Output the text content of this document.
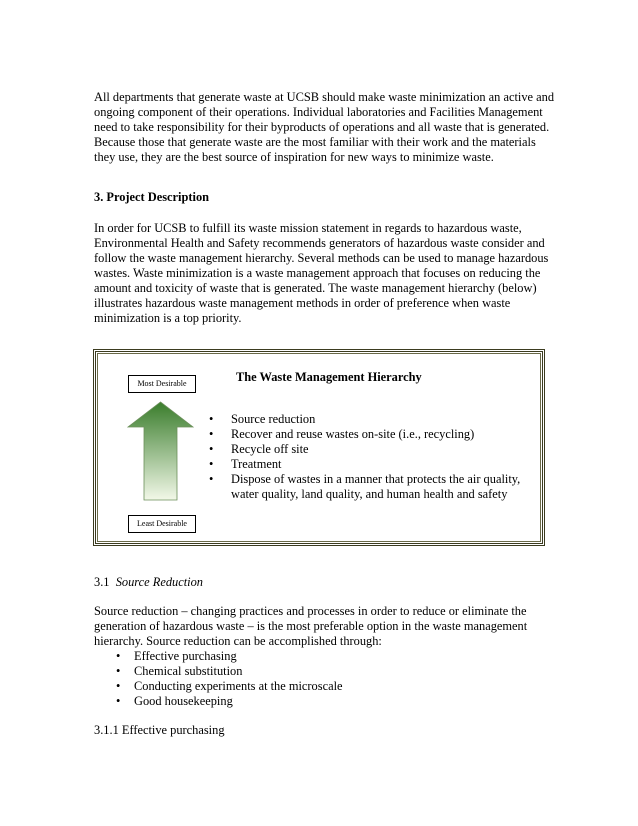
All departments that generate waste at UCSB should make waste minimization an active and
ongoing component of their operations. Individual laboratories and Facilities Management
need to take responsibility for their byproducts of operations and all waste that is generated.
Because those that generate waste are the most familiar with their work and the materials
they use, they are the best source of inspiration for new ways to minimize waste.

3. Project Description

In order for UCSB to fulfill its waste mission statement in regards to hazardous waste,
Environmental Health and Safety recommends generators of hazardous waste consider and
follow the waste management hierarchy. Several methods can be used to manage hazardous
wastes. Waste minimization is a waste management approach that focuses on reducing the
amount and toxicity of waste that is generated. The waste management hierarchy (below)
illustrates hazardous waste management methods in order of preference when waste
minimization is a top priority.

Most Desirable
Least Desirable
The Waste Management Hierarchy
• Source reduction
• Recover and reuse wastes on-site (i.e., recycling)
• Recycle off site
• Treatment
• Dispose of wastes in a manner that protects the air quality,
water quality, land quality, and human health and safety

3.1 Source Reduction

Source reduction – changing practices and processes in order to reduce or eliminate the
generation of hazardous waste – is the most preferable option in the waste management
hierarchy. Source reduction can be accomplished through:

• Effective purchasing
• Chemical substitution
• Conducting experiments at the microscale
• Good housekeeping

3.1.1 Effective purchasing
